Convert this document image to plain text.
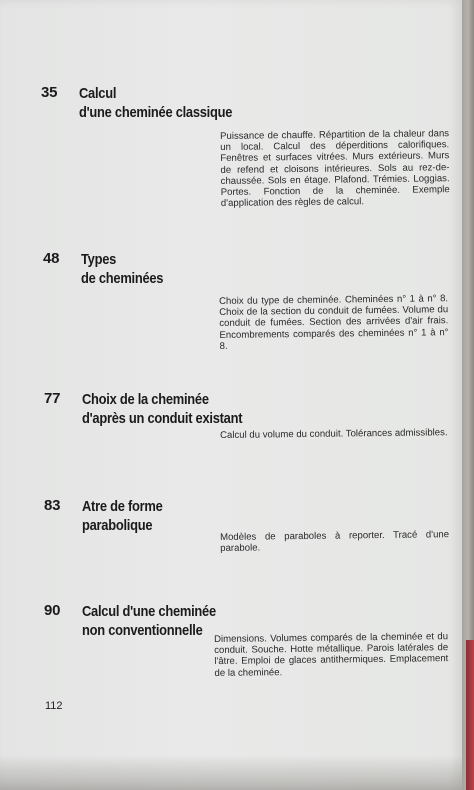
35 Calcul
d'une cheminée classique
Puissance de chauffe. Répartition de la chaleur dans un local. Calcul des déperditions calorifiques. Fenêtres et surfaces vitrées. Murs extérieurs. Murs de refend et cloisons intérieures. Sols au rez-de-chaussée. Sols en étage. Plafond. Trémies. Loggias. Portes. Fonction de la cheminée. Exemple d'application des règles de calcul.
48 Types
de cheminées
Choix du type de cheminée. Cheminées n° 1 à n° 8. Choix de la section du conduit de fumées. Volume du conduit de fumées. Section des arrivées d'air frais. Encombrements comparés des cheminées n° 1 à n° 8.
77 Choix de la cheminée
d'après un conduit existant
Calcul du volume du conduit. Tolérances admissibles.
83 Atre de forme
parabolique
Modèles de paraboles à reporter. Tracé d'une parabole.
90 Calcul d'une cheminée
non conventionnelle	Dimensions. Volumes comparés de la cheminée et du conduit. Souche. Hotte métallique. Parois latérales de l'âtre. Emploi de glaces antithermiques. Emplacement de la cheminée.
112
